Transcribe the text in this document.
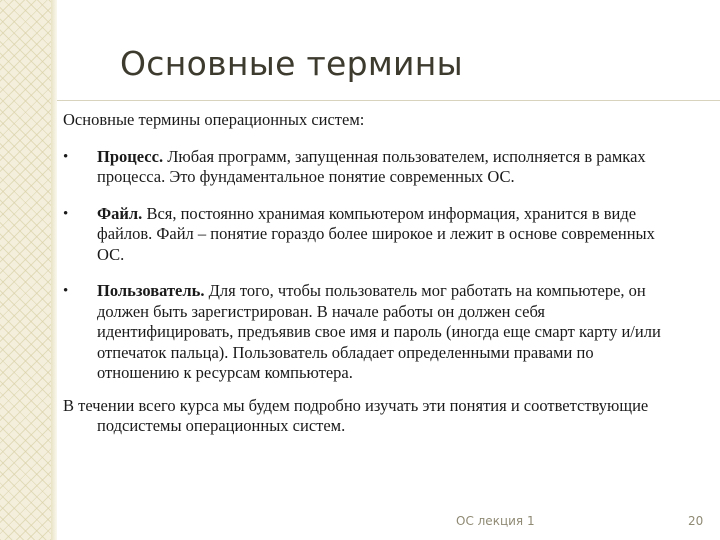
Основные термины

Основные термины операционных систем:

•	Процесс. Любая программ, запущенная пользователем, исполняется в рамках процесса. Это фундаментальное понятие современных ОС.
•	Файл. Вся, постоянно хранимая компьютером информация, хранится в виде файлов. Файл – понятие гораздо более широкое и лежит в основе современных ОС.
•	Пользователь. Для того, чтобы пользователь мог работать на компьютере, он должен быть зарегистрирован. В начале работы он должен себя идентифицировать, предъявив свое имя и пароль (иногда еще смарт карту и/или отпечаток пальца). Пользователь обладает определенными правами по отношению к ресурсам компьютера.

В течении всего курса мы будем подробно изучать эти понятия и соответствующие подсистемы операционных систем.

ОС лекция 1	20
